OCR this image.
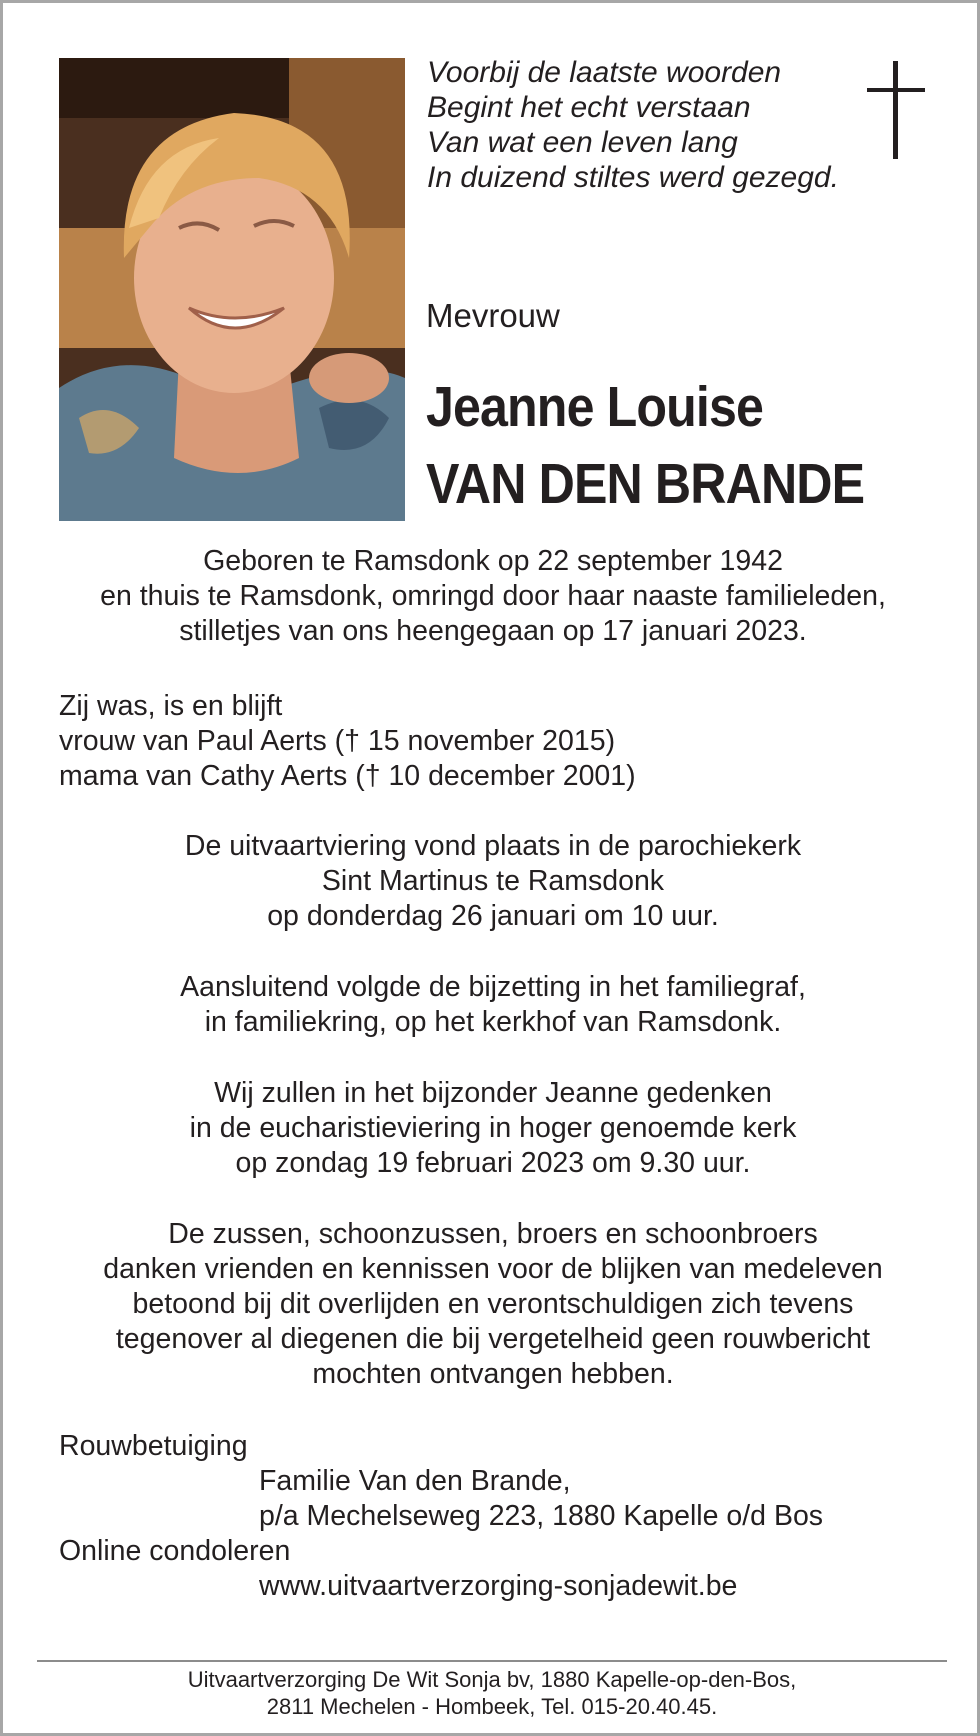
Voorbij de laatste woorden
Begint het echt verstaan
Van wat een leven lang
In duizend stiltes werd gezegd.
Mevrouw
Jeanne Louise
VAN DEN BRANDE
Geboren te Ramsdonk op 22 september 1942
en thuis te Ramsdonk, omringd door haar naaste familieleden,
stilletjes van ons heengegaan op 17 januari 2023.
Zij was, is en blijft
vrouw van Paul Aerts († 15 november 2015)
mama van Cathy Aerts († 10 december 2001)
De uitvaartviering vond plaats in de parochiekerk
Sint Martinus te Ramsdonk
op donderdag 26 januari om 10 uur.
Aansluitend volgde de bijzetting in het familiegraf,
in familiekring, op het kerkhof van Ramsdonk.
Wij zullen in het bijzonder Jeanne gedenken
in de eucharistieviering in hoger genoemde kerk
op zondag 19 februari 2023 om 9.30 uur.
De zussen, schoonzussen, broers en schoonbroers
danken vrienden en kennissen voor de blijken van medeleven
betoond bij dit overlijden en verontschuldigen zich tevens
tegenover al diegenen die bij vergetelheid geen rouwbericht
mochten ontvangen hebben.
Rouwbetuiging
Familie Van den Brande,
p/a Mechelseweg 223, 1880 Kapelle o/d Bos
Online condoleren
www.uitvaartverzorging-sonjadewit.be
Uitvaartverzorging De Wit Sonja bv, 1880 Kapelle-op-den-Bos,
2811 Mechelen - Hombeek, Tel. 015-20.40.45.
